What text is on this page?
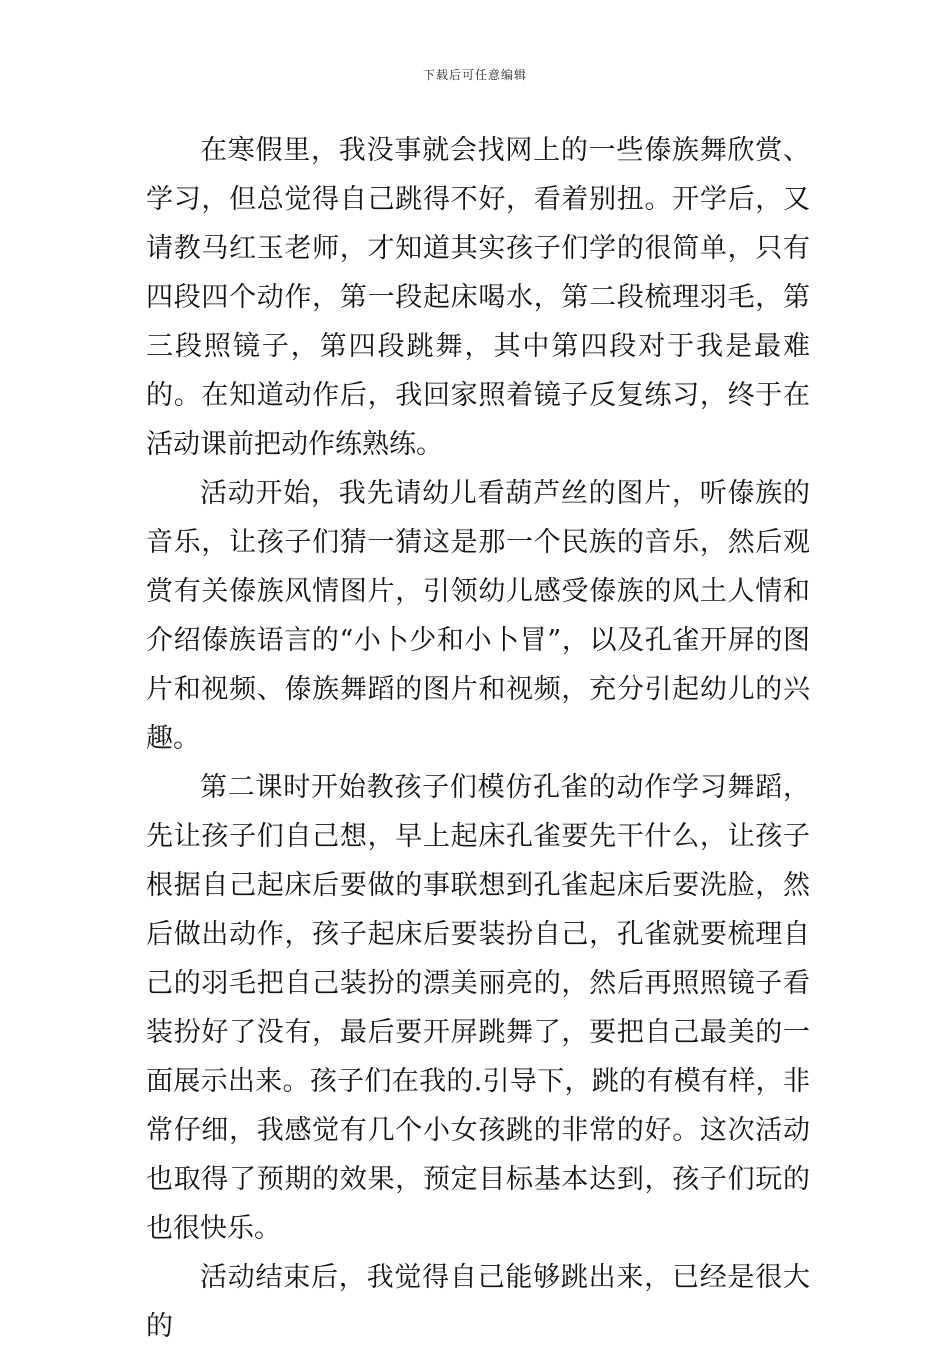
下载后可任意编辑

在寒假里，我没事就会找网上的一些傣族舞欣赏、学习，但总觉得自己跳得不好，看着别扭。开学后，又请教马红玉老师，才知道其实孩子们学的很简单，只有四段四个动作，第一段起床喝水，第二段梳理羽毛，第三段照镜子，第四段跳舞，其中第四段对于我是最难的。在知道动作后，我回家照着镜子反复练习，终于在活动课前把动作练熟练。

活动开始，我先请幼儿看葫芦丝的图片，听傣族的音乐，让孩子们猜一猜这是那一个民族的音乐，然后观赏有关傣族风情图片，引领幼儿感受傣族的风土人情和介绍傣族语言的“小卜少和小卜冒”，以及孔雀开屏的图片和视频、傣族舞蹈的图片和视频，充分引起幼儿的兴趣。

第二课时开始教孩子们模仿孔雀的动作学习舞蹈，先让孩子们自己想，早上起床孔雀要先干什么，让孩子根据自己起床后要做的事联想到孔雀起床后要洗脸，然后做出动作，孩子起床后要装扮自己，孔雀就要梳理自己的羽毛把自己装扮的漂美丽亮的，然后再照照镜子看装扮好了没有，最后要开屏跳舞了，要把自己最美的一面展示出来。孩子们在我的.引导下，跳的有模有样，非常仔细，我感觉有几个小女孩跳的非常的好。这次活动也取得了预期的效果，预定目标基本达到，孩子们玩的也很快乐。

活动结束后，我觉得自己能够跳出来，已经是很大的
